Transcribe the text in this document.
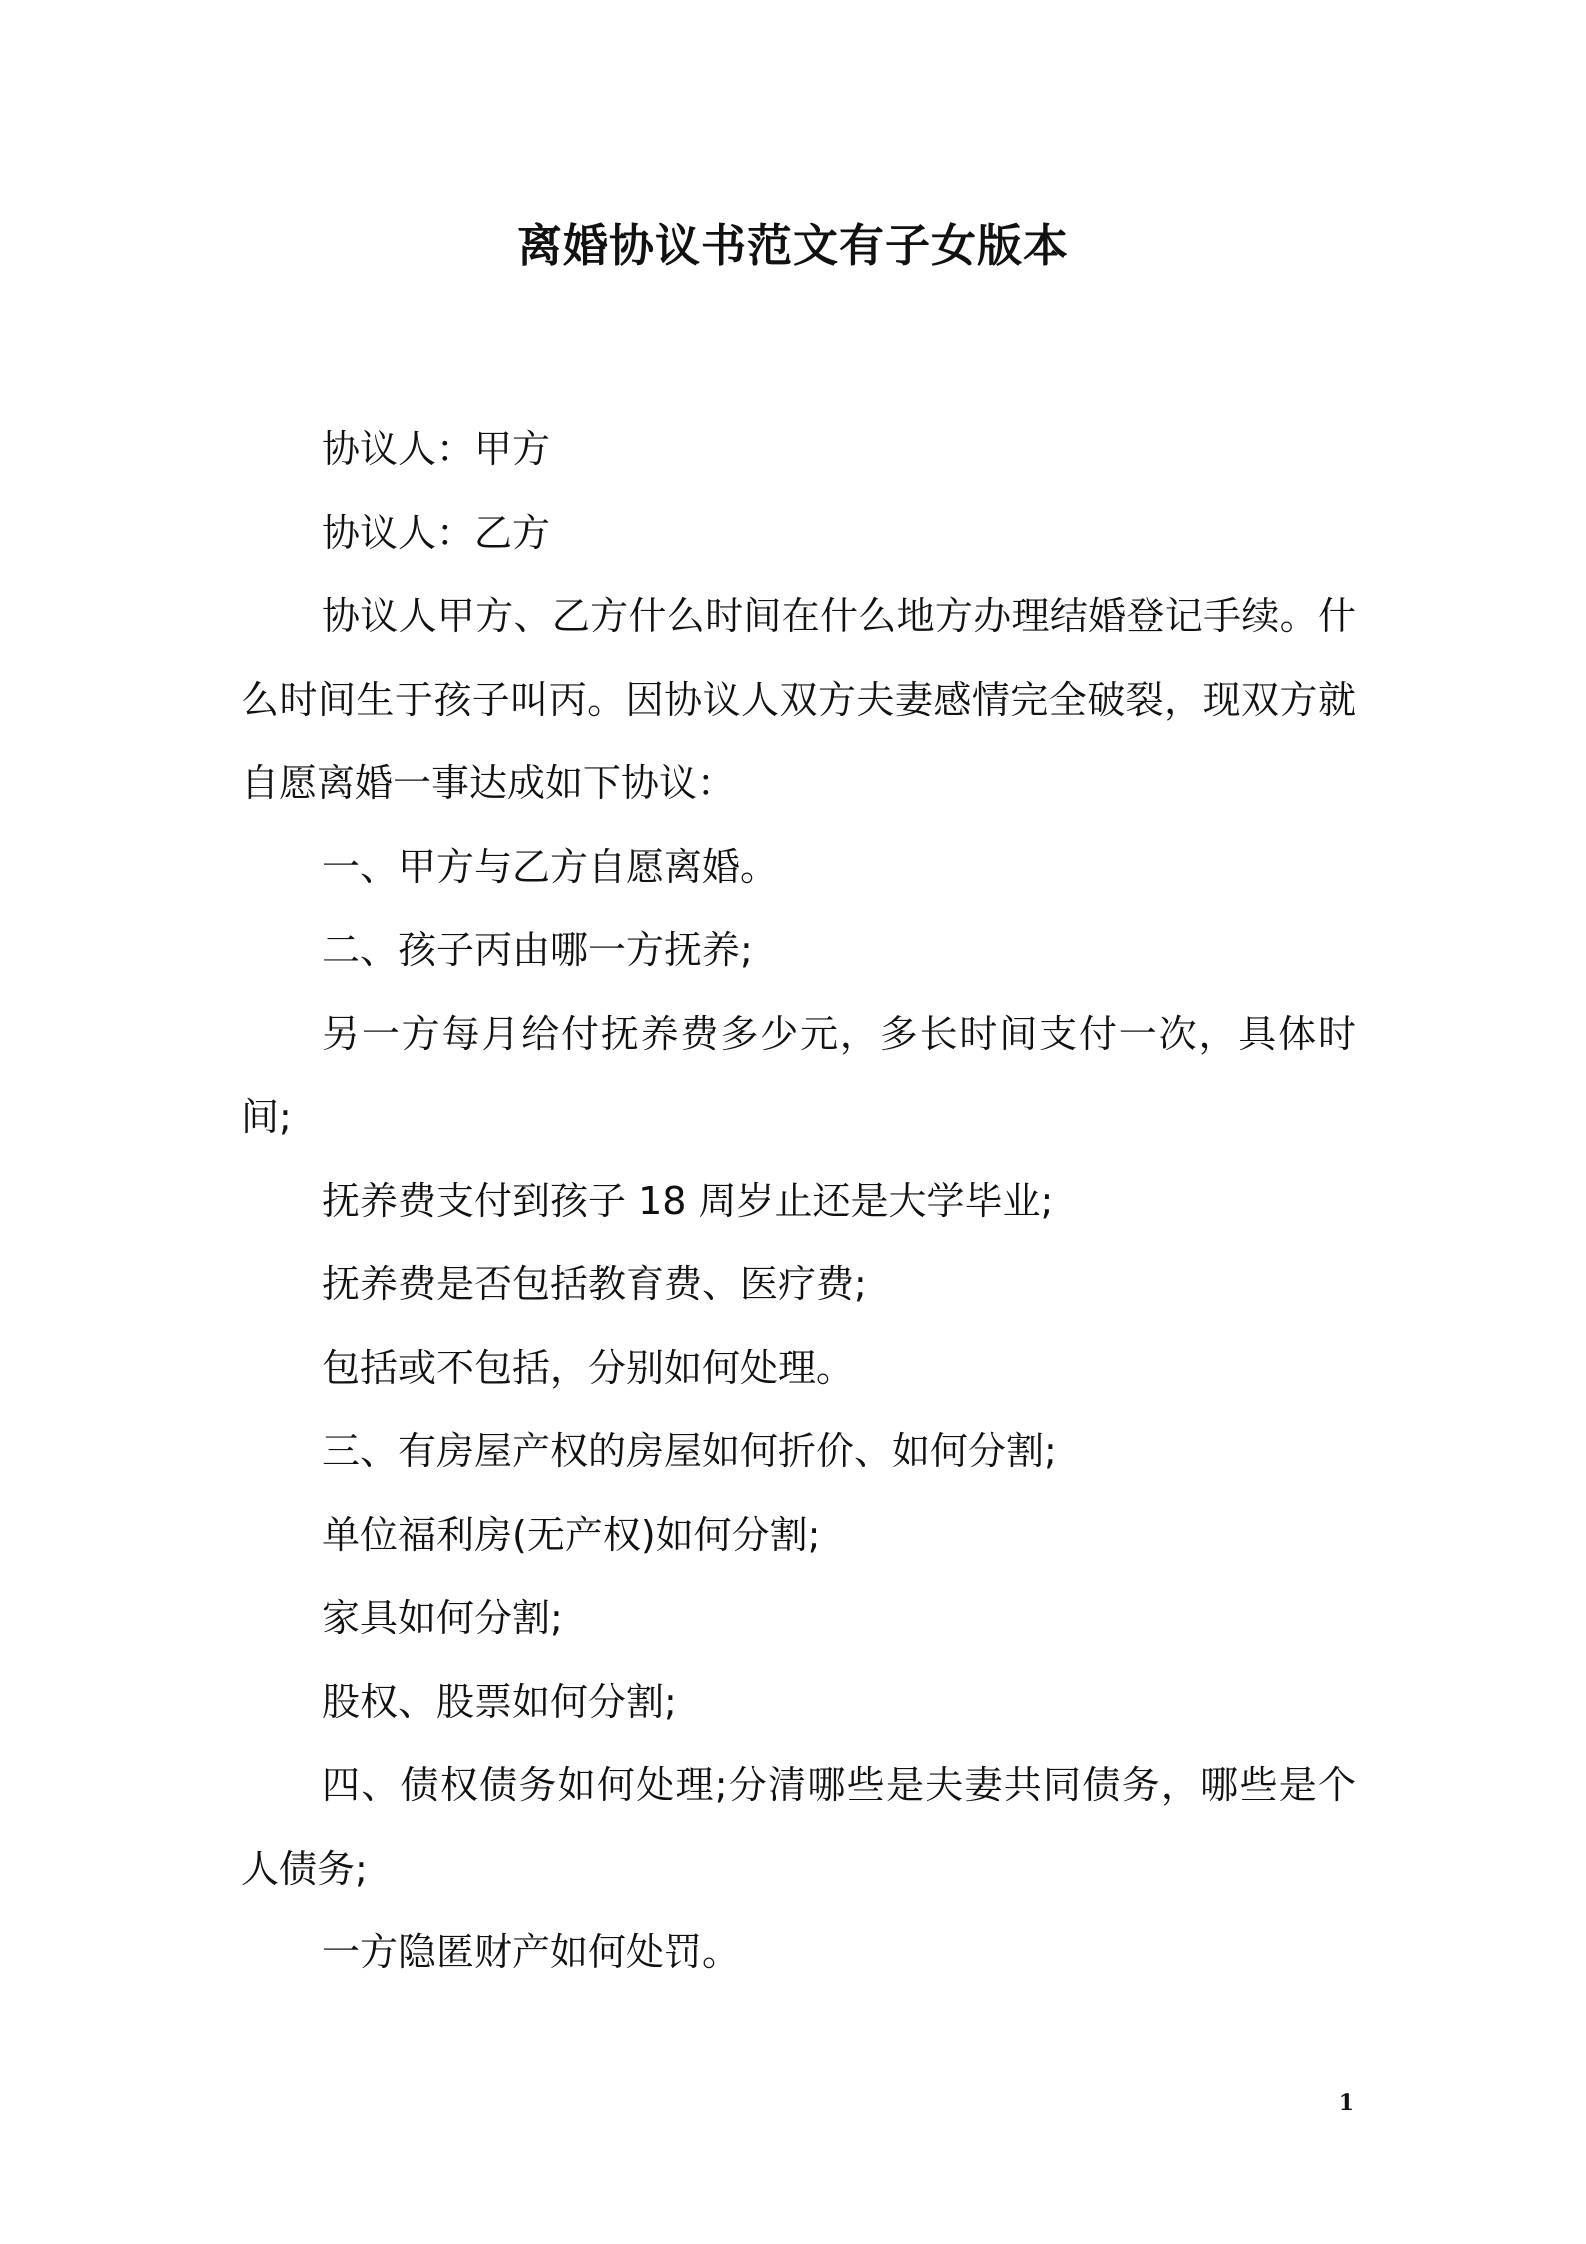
离婚协议书范文有子女版本

协议人：甲方

协议人：乙方

协议人甲方、乙方什么时间在什么地方办理结婚登记手续。什么时间生于孩子叫丙。因协议人双方夫妻感情完全破裂，现双方就自愿离婚一事达成如下协议：

一、甲方与乙方自愿离婚。

二、孩子丙由哪一方抚养;

另一方每月给付抚养费多少元，多长时间支付一次，具体时间;

抚养费支付到孩子 18 周岁止还是大学毕业;

抚养费是否包括教育费、医疗费;

包括或不包括，分别如何处理。

三、有房屋产权的房屋如何折价、如何分割;

单位福利房(无产权)如何分割;

家具如何分割;

股权、股票如何分割;

四、债权债务如何处理;分清哪些是夫妻共同债务，哪些是个人债务;

一方隐匿财产如何处罚。

1
